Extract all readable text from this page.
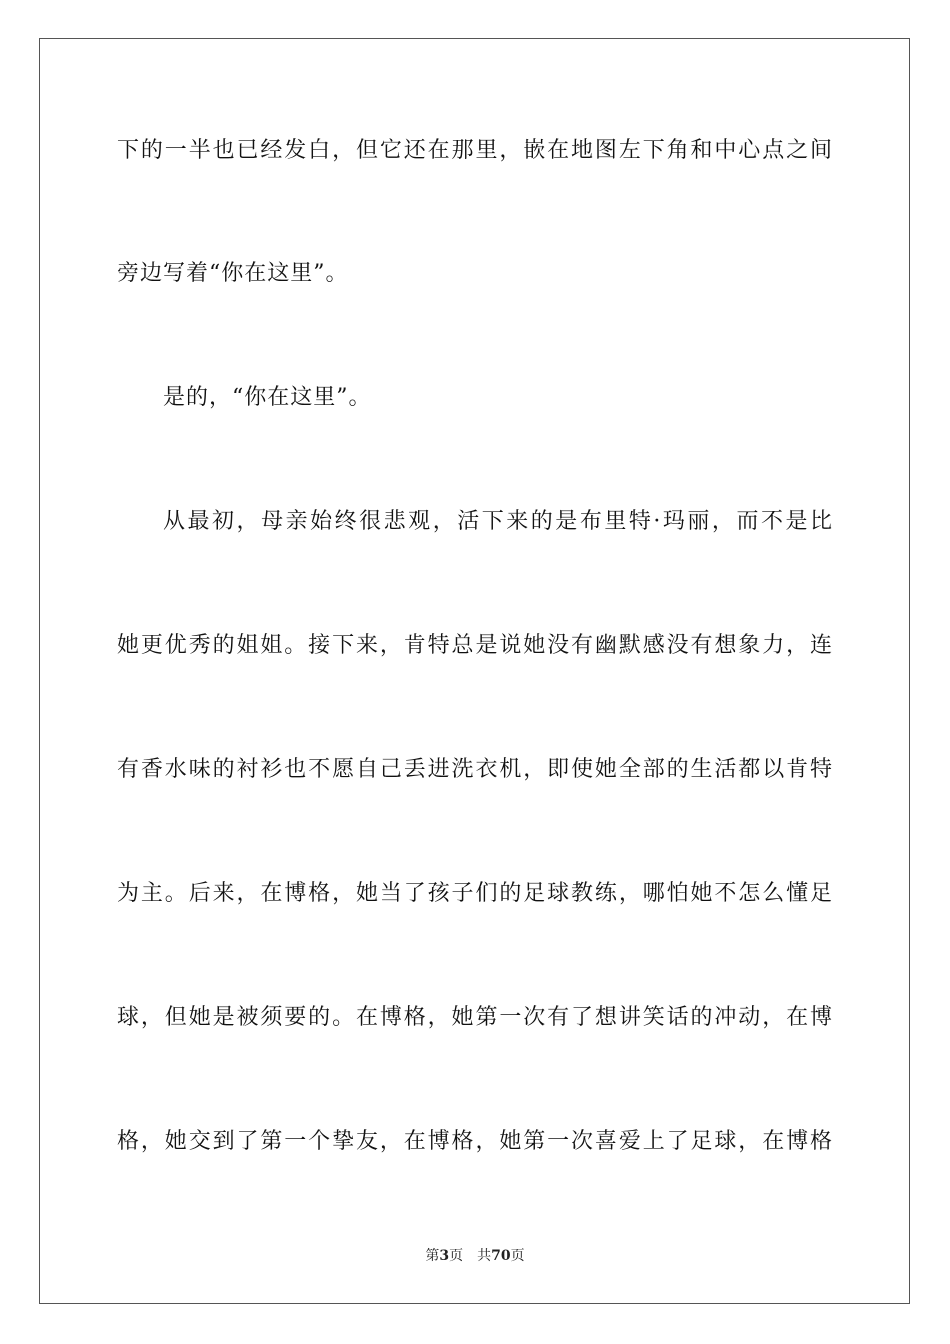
下的一半也已经发白，但它还在那里，嵌在地图左下角和中心点之间
旁边写着“你在这里”。
是的，“你在这里”。
从最初，母亲始终很悲观，活下来的是布里特·玛丽，而不是比
她更优秀的姐姐。接下来，肯特总是说她没有幽默感没有想象力，连
有香水味的衬衫也不愿自己丢进洗衣机，即使她全部的生活都以肯特
为主。后来，在博格，她当了孩子们的足球教练，哪怕她不怎么懂足
球，但她是被须要的。在博格，她第一次有了想讲笑话的冲动，在博
格，她交到了第一个挚友，在博格，她第一次喜爱上了足球，在博格
第3页 共70页
